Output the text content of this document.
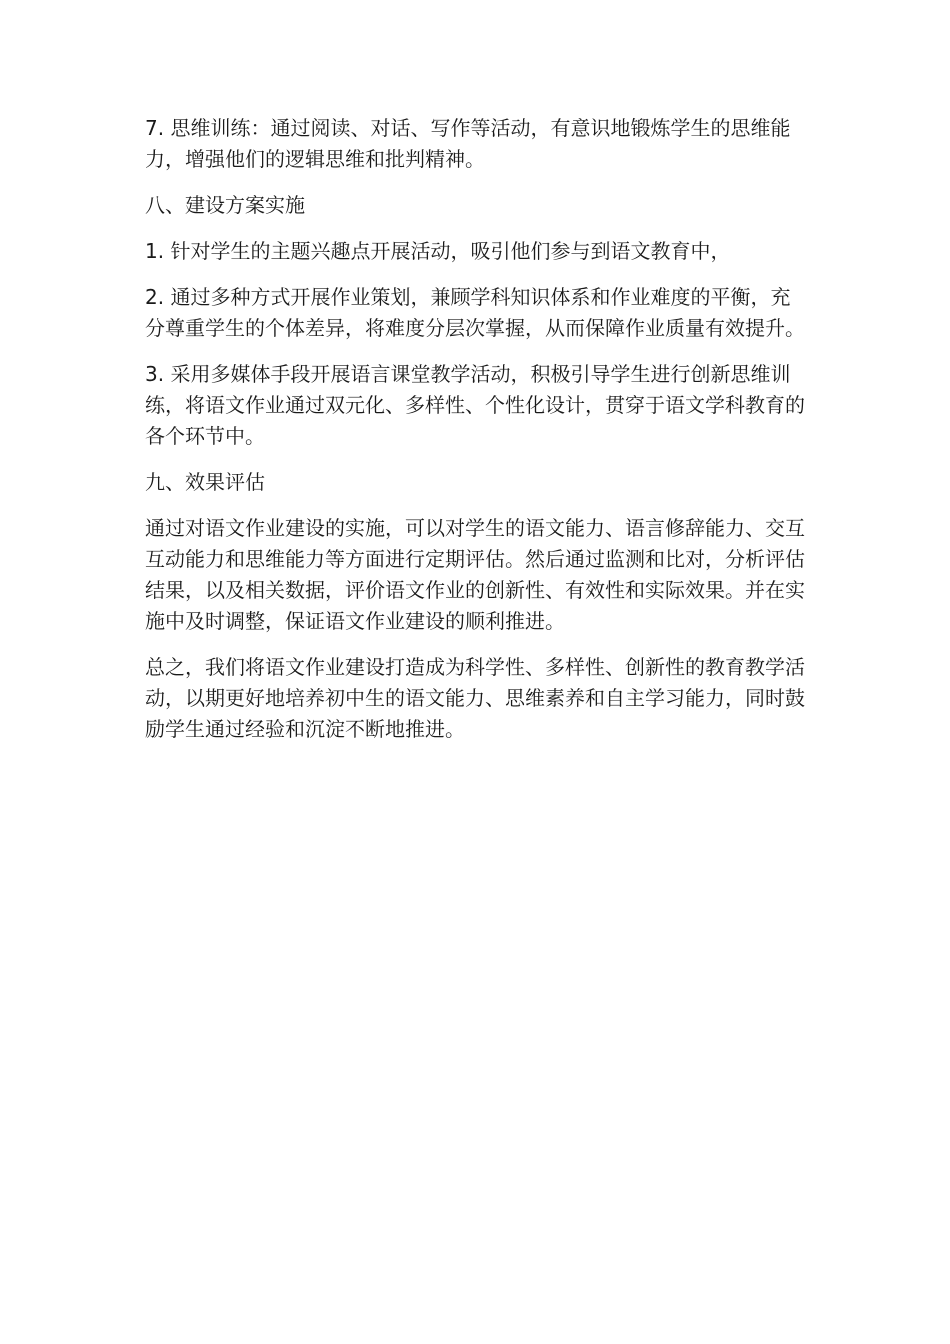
7. 思维训练：通过阅读、对话、写作等活动，有意识地锻炼学生的思维能力，增强他们的逻辑思维和批判精神。

八、建设方案实施

1. 针对学生的主题兴趣点开展活动，吸引他们参与到语文教育中，

2. 通过多种方式开展作业策划，兼顾学科知识体系和作业难度的平衡，充分尊重学生的个体差异，将难度分层次掌握，从而保障作业质量有效提升。

3. 采用多媒体手段开展语言课堂教学活动，积极引导学生进行创新思维训练，将语文作业通过双元化、多样性、个性化设计，贯穿于语文学科教育的各个环节中。

九、效果评估

通过对语文作业建设的实施，可以对学生的语文能力、语言修辞能力、交互互动能力和思维能力等方面进行定期评估。然后通过监测和比对，分析评估结果，以及相关数据，评价语文作业的创新性、有效性和实际效果。并在实施中及时调整，保证语文作业建设的顺利推进。

总之，我们将语文作业建设打造成为科学性、多样性、创新性的教育教学活动，以期更好地培养初中生的语文能力、思维素养和自主学习能力，同时鼓励学生通过经验和沉淀不断地推进。
